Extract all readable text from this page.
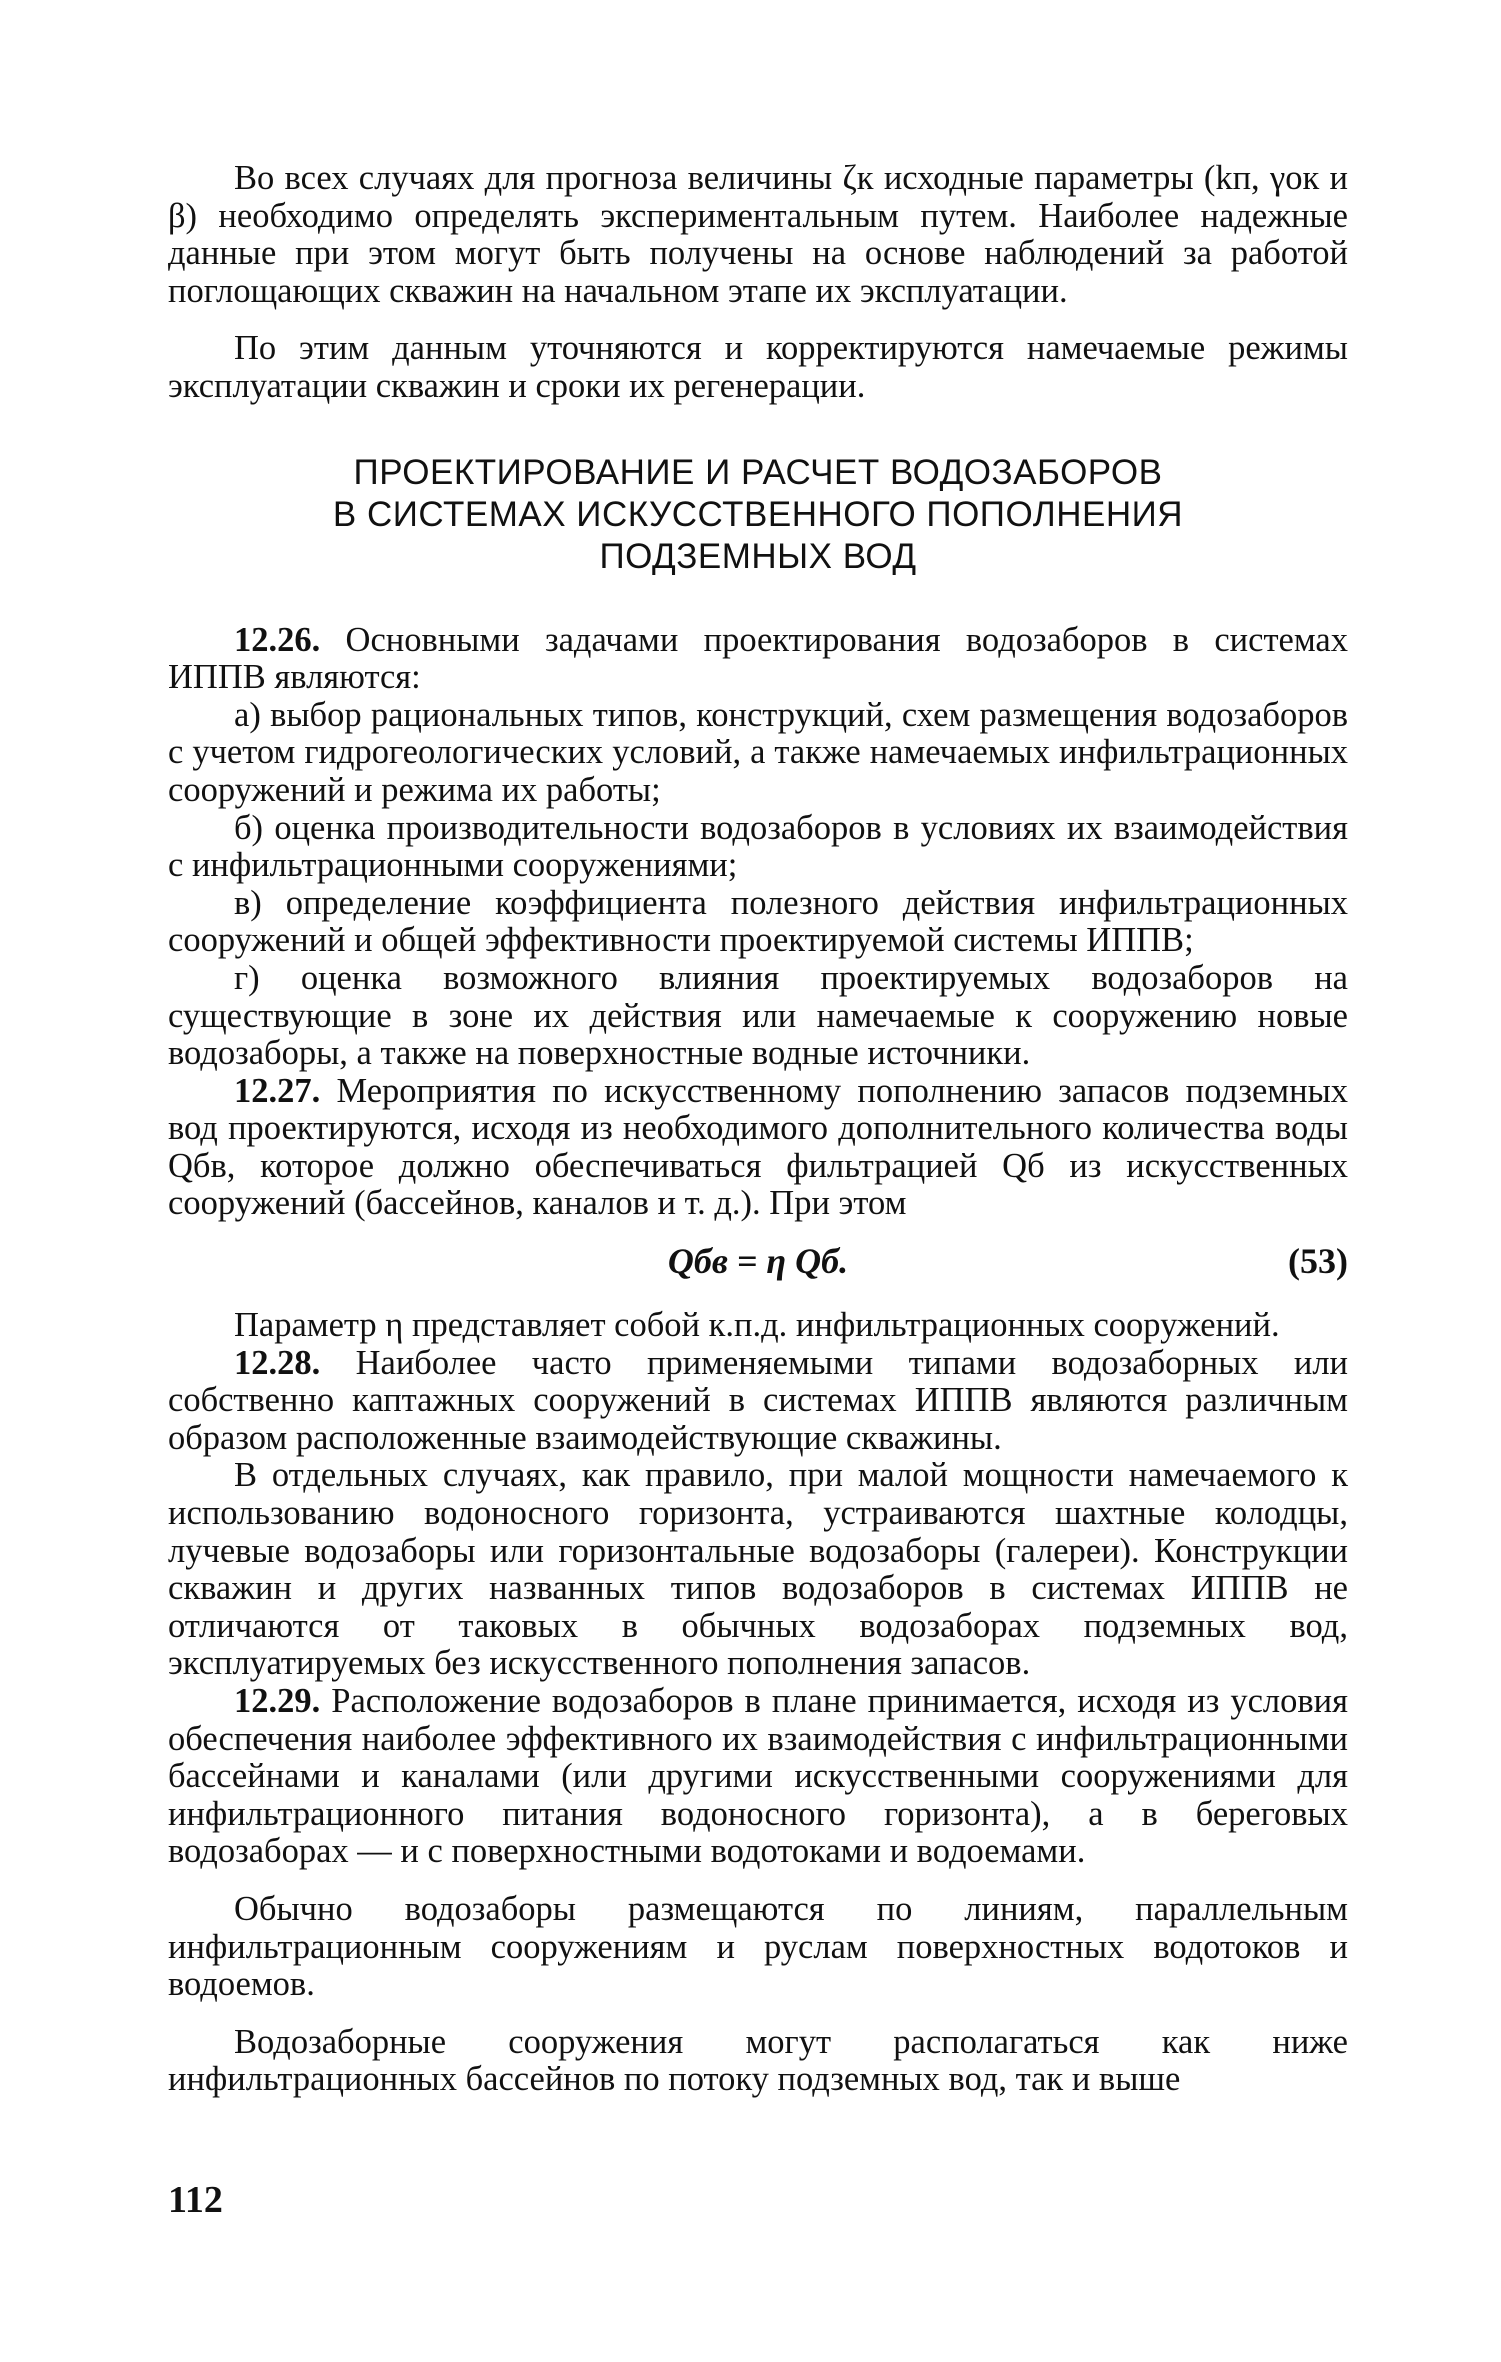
Во всех случаях для прогноза величины ζк исходные параметры (kп, γок и β) необходимо определять экспериментальным путем. Наиболее надежные данные при этом могут быть получены на основе наблюдений за работой поглощающих скважин на начальном этапе их эксплуатации.

По этим данным уточняются и корректируются намечаемые режимы эксплуатации скважин и сроки их регенерации.

ПРОЕКТИРОВАНИЕ И РАСЧЕТ ВОДОЗАБОРОВ
В СИСТЕМАХ ИСКУССТВЕННОГО ПОПОЛНЕНИЯ
ПОДЗЕМНЫХ ВОД

12.26. Основными задачами проектирования водозаборов в системах ИППВ являются:

а) выбор рациональных типов, конструкций, схем размещения водозаборов с учетом гидрогеологических условий, а также намечаемых инфильтрационных сооружений и режима их работы;

б) оценка производительности водозаборов в условиях их взаимодействия с инфильтрационными сооружениями;

в) определение коэффициента полезного действия инфильтрационных сооружений и общей эффективности проектируемой системы ИППВ;

г) оценка возможного влияния проектируемых водозаборов на существующие в зоне их действия или намечаемые к сооружению новые водозаборы, а также на поверхностные водные источники.

12.27. Мероприятия по искусственному пополнению запасов подземных вод проектируются, исходя из необходимого дополнительного количества воды Qбв, которое должно обеспечиваться фильтрацией Qб из искусственных сооружений (бассейнов, каналов и т. д.). При этом

Qбв = η Qб.	(53)

Параметр η представляет собой к.п.д. инфильтрационных сооружений.

12.28. Наиболее часто применяемыми типами водозаборных или собственно каптажных сооружений в системах ИППВ являются различным образом расположенные взаимодействующие скважины.

В отдельных случаях, как правило, при малой мощности намечаемого к использованию водоносного горизонта, устраиваются шахтные колодцы, лучевые водозаборы или горизонтальные водозаборы (галереи). Конструкции скважин и других названных типов водозаборов в системах ИППВ не отличаются от таковых в обычных водозаборах подземных вод, эксплуатируемых без искусственного пополнения запасов.

12.29. Расположение водозаборов в плане принимается, исходя из условия обеспечения наиболее эффективного их взаимодействия с инфильтрационными бассейнами и каналами (или другими искусственными сооружениями для инфильтрационного питания водоносного горизонта), а в береговых водозаборах — и с поверхностными водотоками и водоемами.

Обычно водозаборы размещаются по линиям, параллельным инфильтрационным сооружениям и руслам поверхностных водотоков и водоемов.

Водозаборные сооружения могут располагаться как ниже инфильтрационных бассейнов по потоку подземных вод, так и выше

112
